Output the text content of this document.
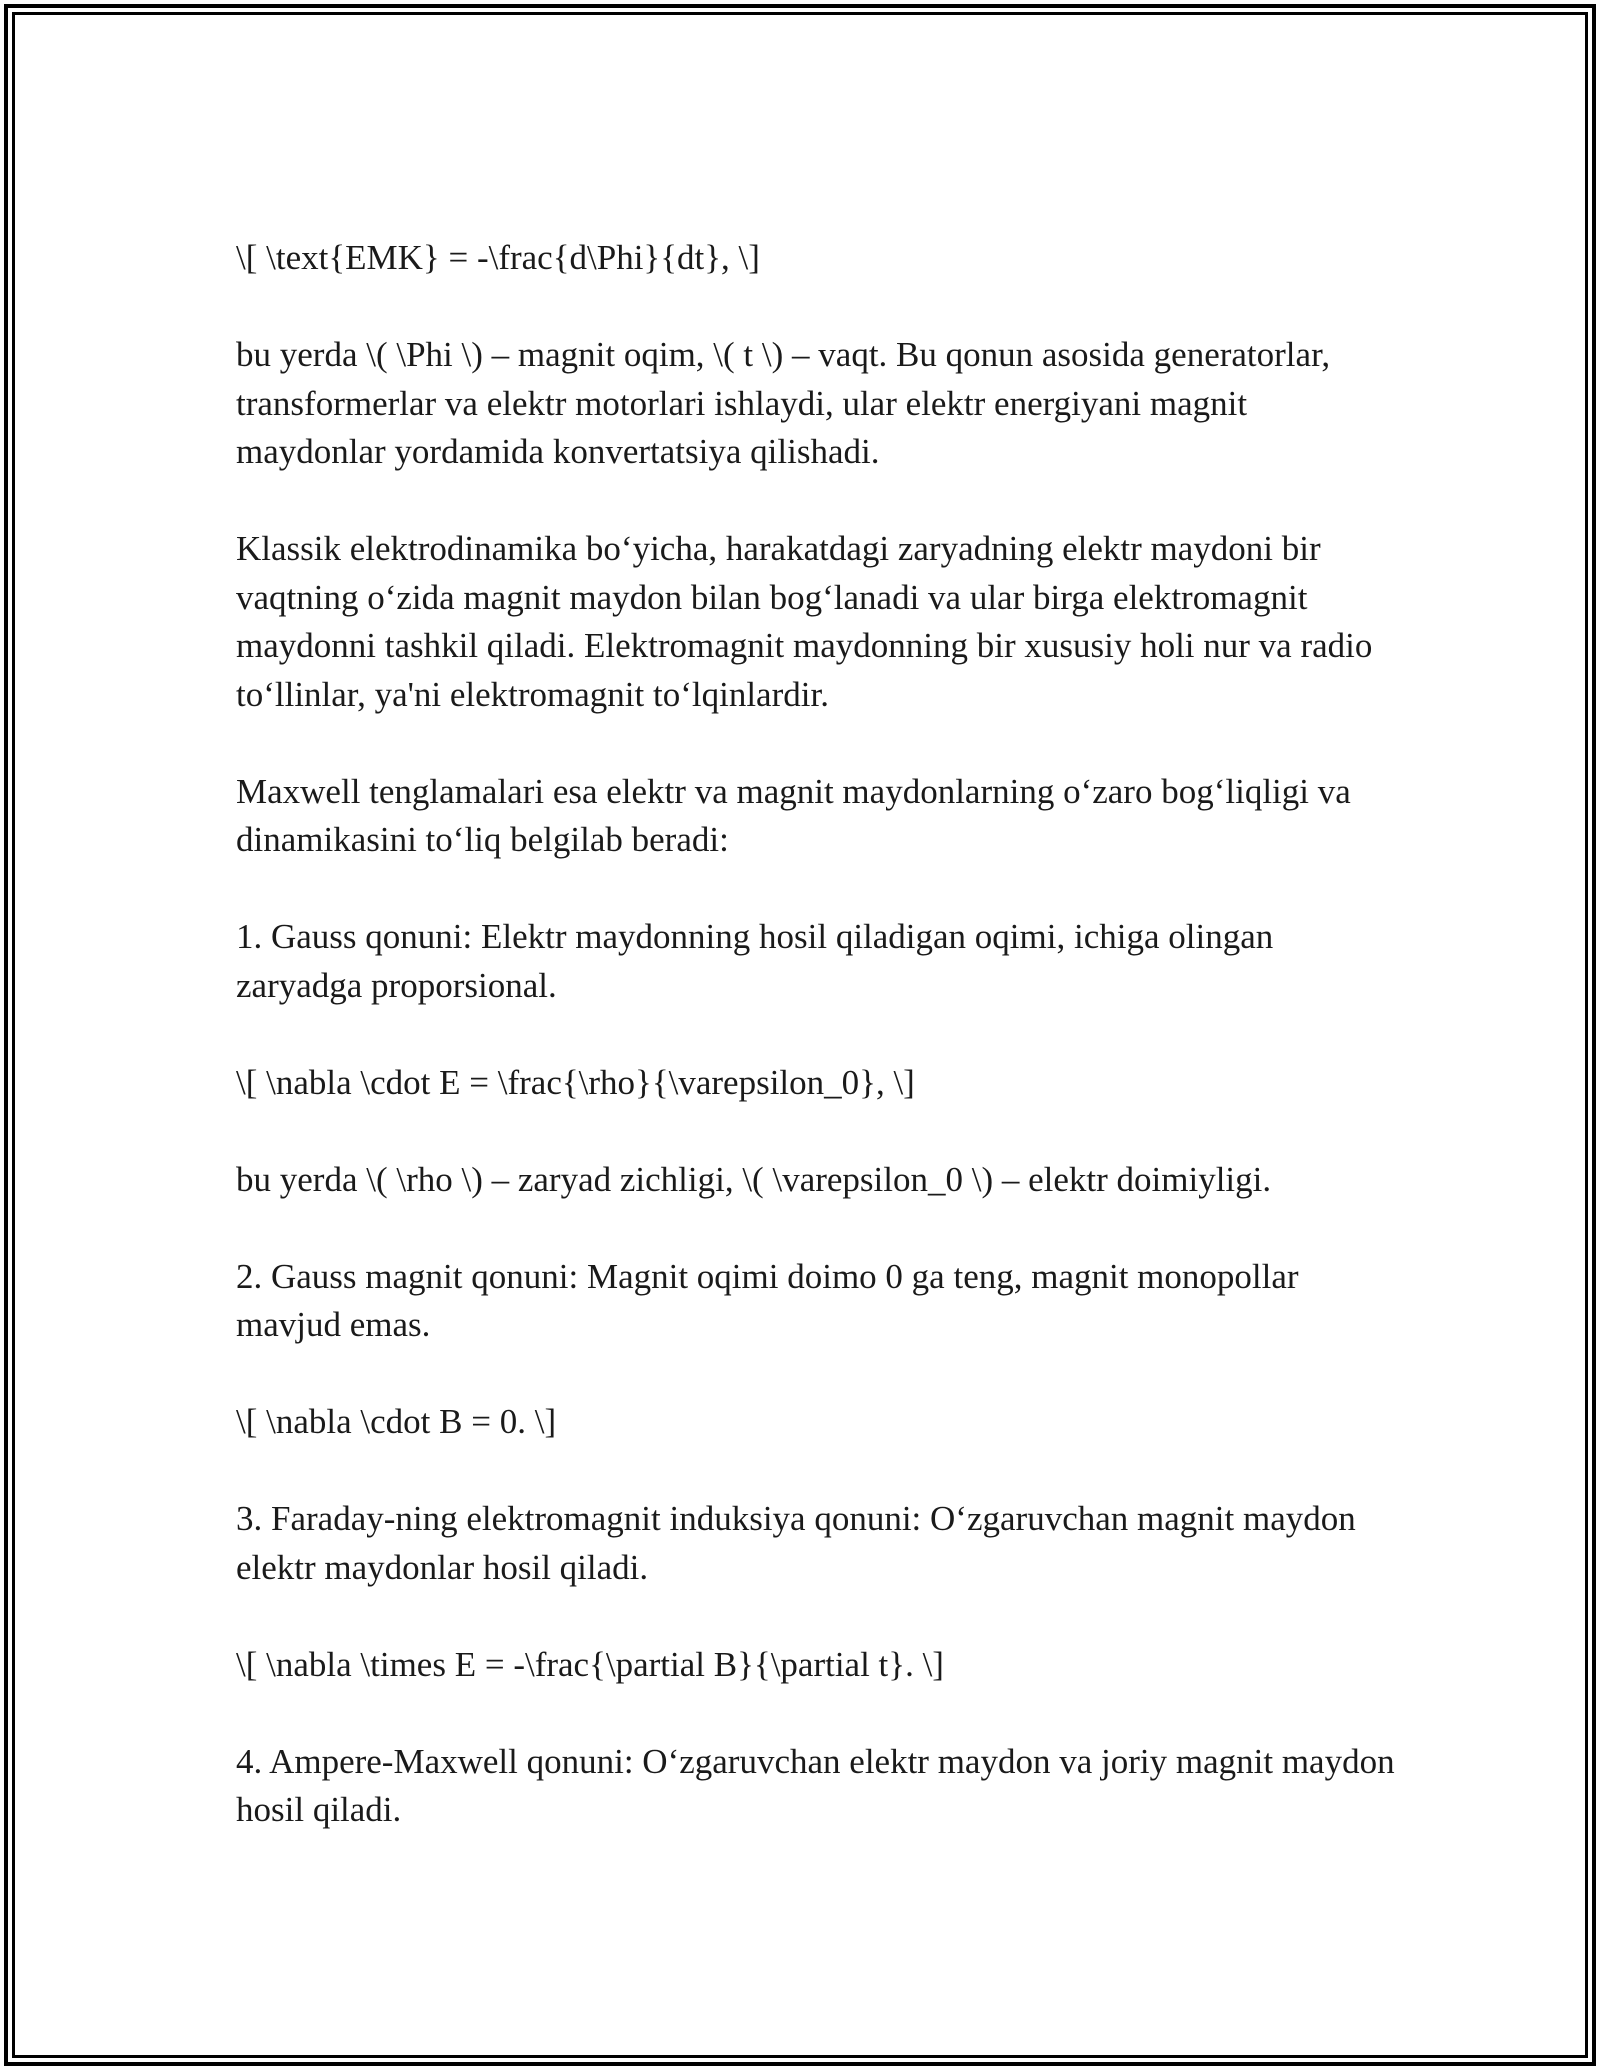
\[ \text{EMK} = -\frac{d\Phi}{dt}, \]

bu yerda \( \Phi \) – magnit oqim, \( t \) – vaqt. Bu qonun asosida generatorlar, transformerlar va elektr motorlari ishlaydi, ular elektr energiyani magnit maydonlar yordamida konvertatsiya qilishadi.

Klassik elektrodinamika bo‘yicha, harakatdagi zaryadning elektr maydoni bir vaqtning o‘zida magnit maydon bilan bog‘lanadi va ular birga elektromagnit maydonni tashkil qiladi. Elektromagnit maydonning bir xususiy holi nur va radio to‘llinlar, ya'ni elektromagnit to‘lqinlardir.

Maxwell tenglamalari esa elektr va magnit maydonlarning o‘zaro bog‘liqligi va dinamikasini to‘liq belgilab beradi:

1. Gauss qonuni: Elektr maydonning hosil qiladigan oqimi, ichiga olingan zaryadga proporsional.

\[ \nabla \cdot E = \frac{\rho}{\varepsilon_0}, \]

bu yerda \( \rho \) – zaryad zichligi, \( \varepsilon_0 \) – elektr doimiyligi.

2. Gauss magnit qonuni: Magnit oqimi doimo 0 ga teng, magnit monopollar mavjud emas.

\[ \nabla \cdot B = 0. \]

3. Faraday-ning elektromagnit induksiya qonuni: O‘zgaruvchan magnit maydon elektr maydonlar hosil qiladi.

\[ \nabla \times E = -\frac{\partial B}{\partial t}. \]

4. Ampere-Maxwell qonuni: O‘zgaruvchan elektr maydon va joriy magnit maydon hosil qiladi.
